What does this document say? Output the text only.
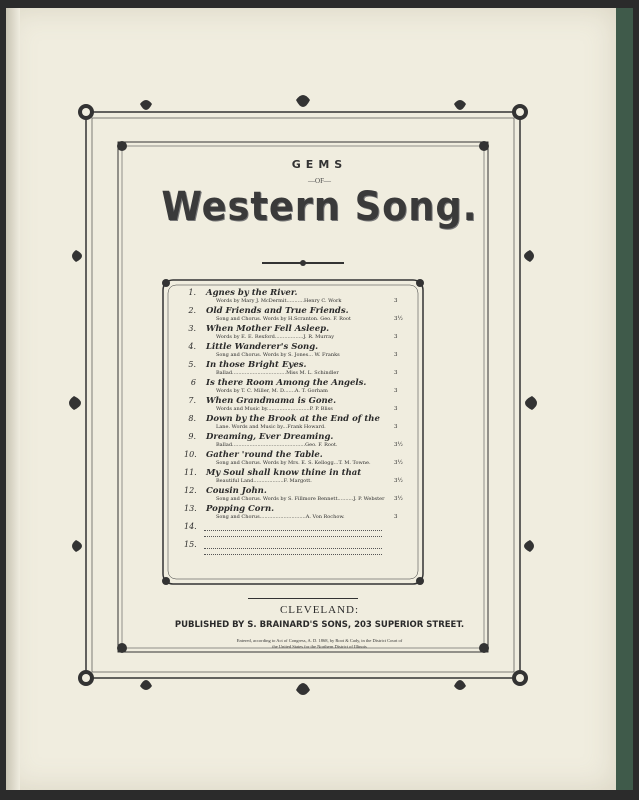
GEMS
—OF—
Western Song.
1. Agnes by the River.
Words by Mary J. McDermit...........Henry C. Work	3
2. Old Friends and True Friends.
Song and Chorus. Words by H.Scranton. Geo. F. Root	3½
3. When Mother Fell Asleep.
Words by E. E. Rexford..................J. R. Murray	3
4. Little Wanderer's Song.
Song and Chorus. Words by S. Jones... W. Franks	3
5. In those Bright Eyes.
Ballad..................................Miss M. L. Schindler	3
6 Is there Room Among the Angels.
Words by T. C. Miller, M. D.......A. T. Gorham	3
7. When Grandmama is Gone.
Words and Music by...........................P. P. Bliss	3
8. Down by the Brook at the End of the
Lane. Words and Music by...Frank Howard.	3
9. Dreaming, Ever Dreaming.
Ballad..............................................Geo. F. Root.	3½
10. Gather 'round the Table.
Song and Chorus. Words by Mrs. E. S. Kellogg...T. M. Towne.	3½
11. My Soul shall know thine in that
Beautiful Land...................F. Margott.	3½
12. Cousin John.
Song and Chorus. Words by S. Fillmore Bennett..........J. P. Webster 3½
13. Popping Corn.
Song and Chorus.............................A. Von Rochow.	3
14.
15.
CLEVELAND:
PUBLISHED BY S. BRAINARD'S SONS, 203 SUPERIOR STREET.
Entered, according to Act of Congress, A. D. 1868, by Root & Cady, in the District Court of
the United States for the Northern District of Illinois
